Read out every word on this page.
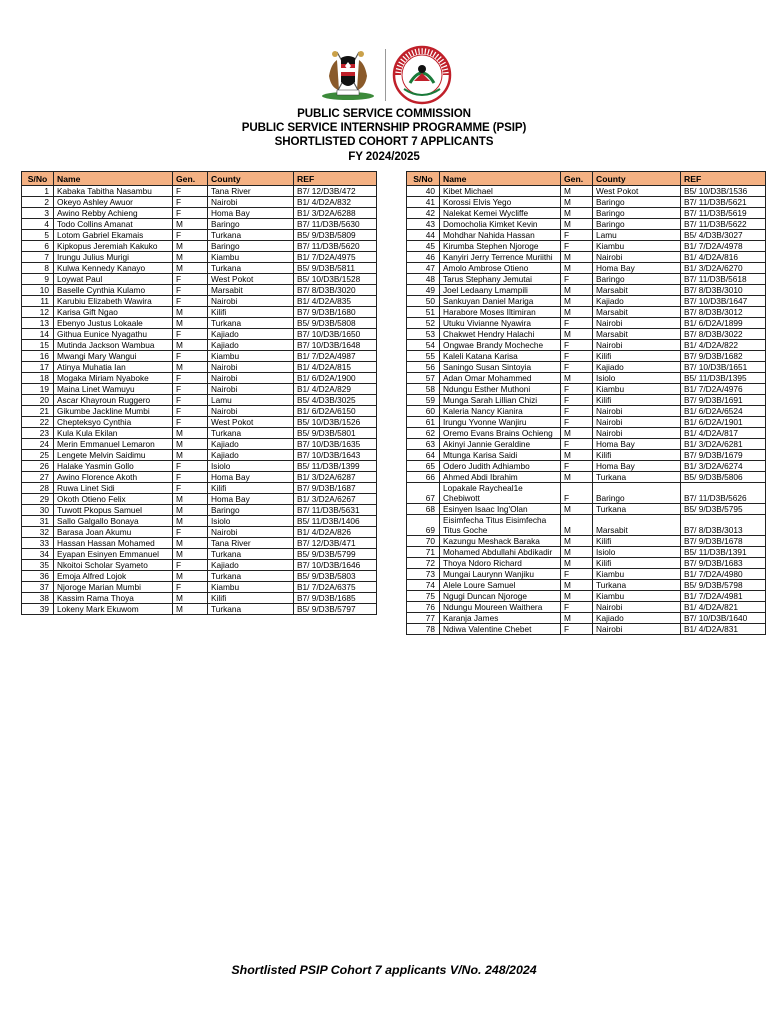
PUBLIC SERVICE COMMISSION
PUBLIC SERVICE INTERNSHIP PROGRAMME (PSIP)
SHORTLISTED COHORT 7 APPLICANTS
FY 2024/2025
S/No	Name	Gen.	County	REF
1	Kabaka Tabitha Nasambu	F	Tana River	B7/ 12/D3B/472
2	Okeyo Ashley Awuor	F	Nairobi	B1/ 4/D2A/832
3	Awino Rebby Achieng	F	Homa Bay	B1/ 3/D2A/6288
4	Todo Collins Amanat	M	Baringo	B7/ 11/D3B/5630
5	Lotom Gabriel Ekamais	F	Turkana	B5/ 9/D3B/5809
6	Kipkopus Jeremiah Kakuko	M	Baringo	B7/ 11/D3B/5620
7	Irungu Julius Murigi	M	Kiambu	B1/ 7/D2A/4975
8	Kulwa Kennedy Kanayo	M	Turkana	B5/ 9/D3B/5811
9	Loywat Paul	F	West Pokot	B5/ 10/D3B/1528
10	Baselle Cynthia Kulamo	F	Marsabit	B7/ 8/D3B/3020
11	Karubiu Elizabeth Wawira	F	Nairobi	B1/ 4/D2A/835
12	Karisa Gift Ngao	M	Kilifi	B7/ 9/D3B/1680
13	Ebenyo Justus Lokaale	M	Turkana	B5/ 9/D3B/5808
14	Githua Eunice Nyagathu	F	Kajiado	B7/ 10/D3B/1650
15	Mutinda Jackson Wambua	M	Kajiado	B7/ 10/D3B/1648
16	Mwangi Mary Wangui	F	Kiambu	B1/ 7/D2A/4987
17	Atinya Muhatia Ian	M	Nairobi	B1/ 4/D2A/815
18	Mogaka Miriam Nyaboke	F	Nairobi	B1/ 6/D2A/1900
19	Maina Linet Wamuyu	F	Nairobi	B1/ 4/D2A/829
20	Ascar Khayroun Ruggero	F	Lamu	B5/ 4/D3B/3025
21	Gikumbe Jackline Mumbi	F	Nairobi	B1/ 6/D2A/6150
22	Chepteksyo Cynthia	F	West Pokot	B5/ 10/D3B/1526
23	Kula Kula Ekilan	M	Turkana	B5/ 9/D3B/5801
24	Merin Emmanuel Lemaron	M	Kajiado	B7/ 10/D3B/1635
25	Lengete Melvin Saidimu	M	Kajiado	B7/ 10/D3B/1643
26	Halake Yasmin Gollo	F	Isiolo	B5/ 11/D3B/1399
27	Awino Florence Akoth	F	Homa Bay	B1/ 3/D2A/6287
28	Ruwa Linet Sidi	F	Kilifi	B7/ 9/D3B/1687
29	Okoth Otieno Felix	M	Homa Bay	B1/ 3/D2A/6267
30	Tuwott Pkopus Samuel	M	Baringo	B7/ 11/D3B/5631
31	Sallo Galgallo Bonaya	M	Isiolo	B5/ 11/D3B/1406
32	Barasa Joan Akumu	F	Nairobi	B1/ 4/D2A/826
33	Hassan Hassan Mohamed	M	Tana River	B7/ 12/D3B/471
34	Eyapan Esinyen Emmanuel	M	Turkana	B5/ 9/D3B/5799
35	Nkoitoi Scholar Syameto	F	Kajiado	B7/ 10/D3B/1646
36	Emoja Alfred Lojok	M	Turkana	B5/ 9/D3B/5803
37	Njoroge Marian Mumbi	F	Kiambu	B1/ 7/D2A/6375
38	Kassim Rama Thoya	M	Kilifi	B7/ 9/D3B/1685
39	Lokeny Mark Ekuwom	M	Turkana	B5/ 9/D3B/5797
S/No	Name	Gen.	County	REF
40	Kibet Michael	M	West Pokot	B5/ 10/D3B/1536
41	Korossi Elvis Yego	M	Baringo	B7/ 11/D3B/5621
42	Nalekat Kemei Wycliffe	M	Baringo	B7/ 11/D3B/5619
43	Domocholia Kimket Kevin	M	Baringo	B7/ 11/D3B/5622
44	Mohdhar Nahida Hassan	F	Lamu	B5/ 4/D3B/3027
45	Kirumba Stephen Njoroge	F	Kiambu	B1/ 7/D2A/4978
46	Kanyiri Jerry Terrence Muriithi	M	Nairobi	B1/ 4/D2A/816
47	Amolo Ambrose Otieno	M	Homa Bay	B1/ 3/D2A/6270
48	Tarus Stephany Jemutai	F	Baringo	B7/ 11/D3B/5618
49	Joel Ledaany Lmampili	M	Marsabit	B7/ 8/D3B/3010
50	Sankuyan Daniel Mariga	M	Kajiado	B7/ 10/D3B/1647
51	Harabore Moses Iltimiran	M	Marsabit	B7/ 8/D3B/3012
52	Utuku Vivianne Nyawira	F	Nairobi	B1/ 6/D2A/1899
53	Chakwet Hendry Halachi	M	Marsabit	B7/ 8/D3B/3022
54	Ongwae Brandy Mocheche	F	Nairobi	B1/ 4/D2A/822
55	Kaleli Katana Karisa	F	Kilifi	B7/ 9/D3B/1682
56	Saningo Susan Sintoyia	F	Kajiado	B7/ 10/D3B/1651
57	Adan Omar Mohammed	M	Isiolo	B5/ 11/D3B/1395
58	Ndungu Esther Muthoni	F	Kiambu	B1/ 7/D2A/4976
59	Munga Sarah Lillian Chizi	F	Kilifi	B7/ 9/D3B/1691
60	Kaleria Nancy Kianira	F	Nairobi	B1/ 6/D2A/6524
61	Irungu Yvonne Wanjiru	F	Nairobi	B1/ 6/D2A/1901
62	Oremo Evans Brains Ochieng	M	Nairobi	B1/ 4/D2A/817
63	Akinyi Jannie Geraldine	F	Homa Bay	B1/ 3/D2A/6281
64	Mtunga Karisa Saidi	M	Kilifi	B7/ 9/D3B/1679
65	Odero Judith Adhiambo	F	Homa Bay	B1/ 3/D2A/6274
66	Ahmed Abdi Ibrahim	M	Turkana	B5/ 9/D3B/5806
67	Lopakale Raycheal1e Chebiwott	F	Baringo	B7/ 11/D3B/5626
68	Esinyen Isaac Ing'Olan	M	Turkana	B5/ 9/D3B/5795
69	Eisimfecha Titus Eisimfecha Titus Goche	M	Marsabit	B7/ 8/D3B/3013
70	Kazungu Meshack Baraka	M	Kilifi	B7/ 9/D3B/1678
71	Mohamed Abdullahi Abdikadir	M	Isiolo	B5/ 11/D3B/1391
72	Thoya Ndoro Richard	M	Kilifi	B7/ 9/D3B/1683
73	Mungai Laurynn Wanjiku	F	Kiambu	B1/ 7/D2A/4980
74	Alele Loure Samuel	M	Turkana	B5/ 9/D3B/5798
75	Ngugi Duncan Njoroge	M	Kiambu	B1/ 7/D2A/4981
76	Ndungu Moureen Waithera	F	Nairobi	B1/ 4/D2A/821
77	Karanja James	M	Kajiado	B7/ 10/D3B/1640
78	Ndiwa Valentine Chebet	F	Nairobi	B1/ 4/D2A/831
Shortlisted PSIP Cohort 7 applicants V/No. 248/2024
